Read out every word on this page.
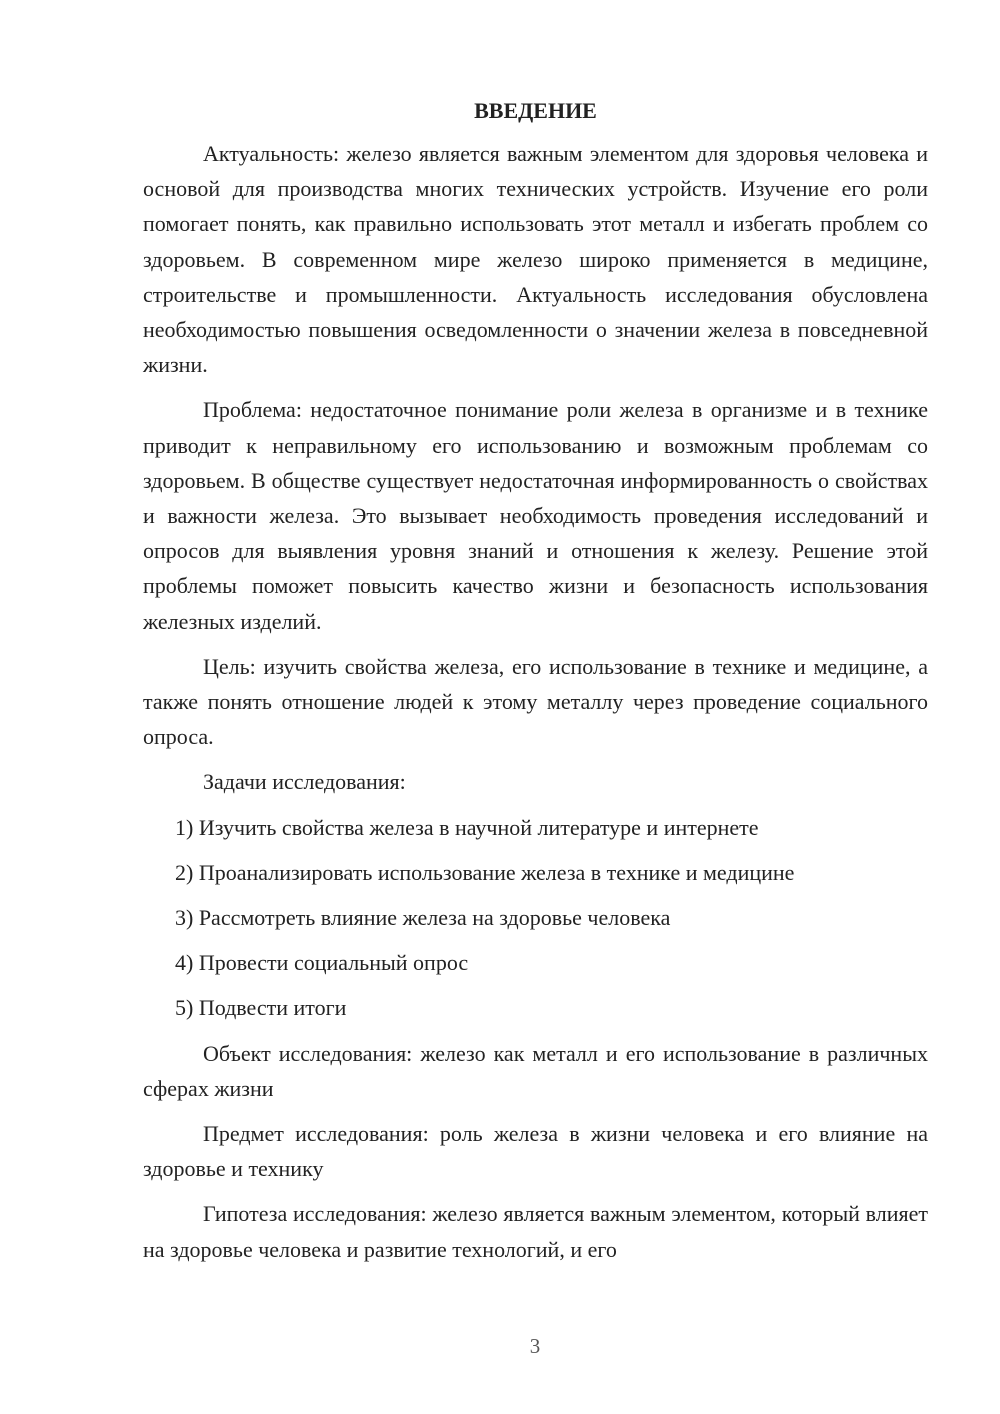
ВВЕДЕНИЕ

Актуальность: железо является важным элементом для здоровья человека и основой для производства многих технических устройств. Изучение его роли помогает понять, как правильно использовать этот металл и избегать проблем со здоровьем. В современном мире железо широко применяется в медицине, строительстве и промышленности. Актуальность исследования обусловлена необходимостью повышения осведомленности о значении железа в повседневной жизни.

Проблема: недостаточное понимание роли железа в организме и в технике приводит к неправильному его использованию и возможным проблемам со здоровьем. В обществе существует недостаточная информированность о свойствах и важности железа. Это вызывает необходимость проведения исследований и опросов для выявления уровня знаний и отношения к железу. Решение этой проблемы поможет повысить качество жизни и безопасность использования железных изделий.

Цель: изучить свойства железа, его использование в технике и медицине, а также понять отношение людей к этому металлу через проведение социального опроса.

Задачи исследования:

1) Изучить свойства железа в научной литературе и интернете
2) Проанализировать использование железа в технике и медицине
3) Рассмотреть влияние железа на здоровье человека
4) Провести социальный опрос
5) Подвести итоги

Объект исследования: железо как металл и его использование в различных сферах жизни

Предмет исследования: роль железа в жизни человека и его влияние на здоровье и технику

Гипотеза исследования: железо является важным элементом, который влияет на здоровье человека и развитие технологий, и его

3
